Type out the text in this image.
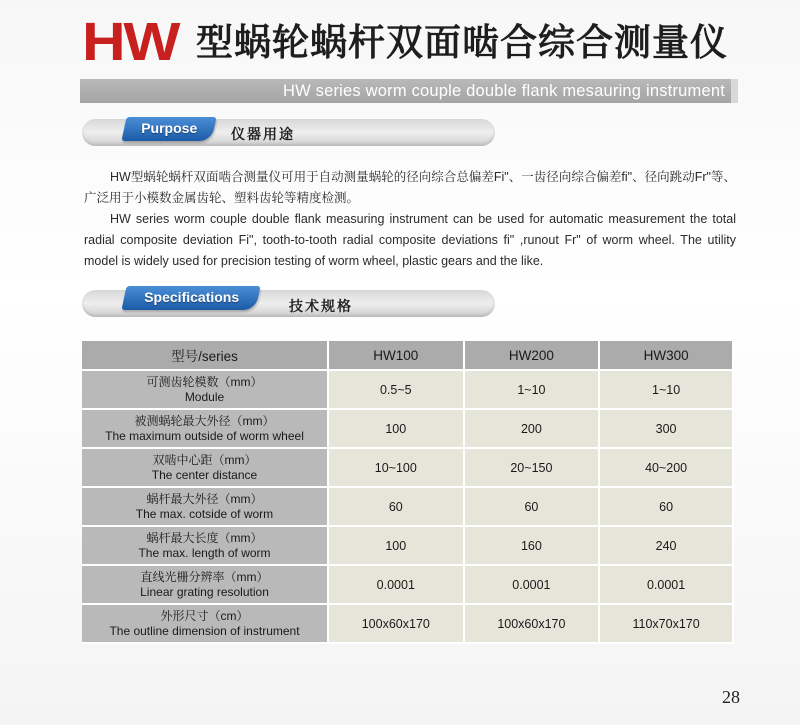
HW 型蜗轮蜗杆双面啮合综合测量仪
HW series worm couple double flank mesauring instrument
Purpose	仪器用途

HW型蜗轮蜗杆双面啮合测量仪可用于自动测量蜗轮的径向综合总偏差Fi"、一齿径向综合偏差fi"、径向跳动Fr"等、广泛用于小模数金属齿轮、塑料齿轮等精度检测。

HW series worm couple double flank measuring instrument can be used for automatic measurement the total radial composite deviation Fi", tooth-to-tooth radial composite deviations fi" ,runout Fr" of worm wheel. The utility model is widely used for precision testing of worm wheel, plastic gears and the like.

Specifications
技术规格
型号/series	HW100	HW200	HW300

可测齿轮模数（mm）
Module	0.5~5	1~10	1~10

被测蜗轮最大外径（mm）
The maximum outside of worm wheel	100	200	300

双啮中心距（mm）
The center distance	10~100	20~150	40~200

蜗杆最大外径（mm）
The max. cotside of worm	60	60	60

蜗杆最大长度（mm）
The max. length of worm	100	160	240

直线光栅分辨率（mm）
Linear grating resolution	0.0001	0.0001	0.0001

外形尺寸（cm）
The outline dimension of instrument	100x60x170	100x60x170	110x70x170
28
